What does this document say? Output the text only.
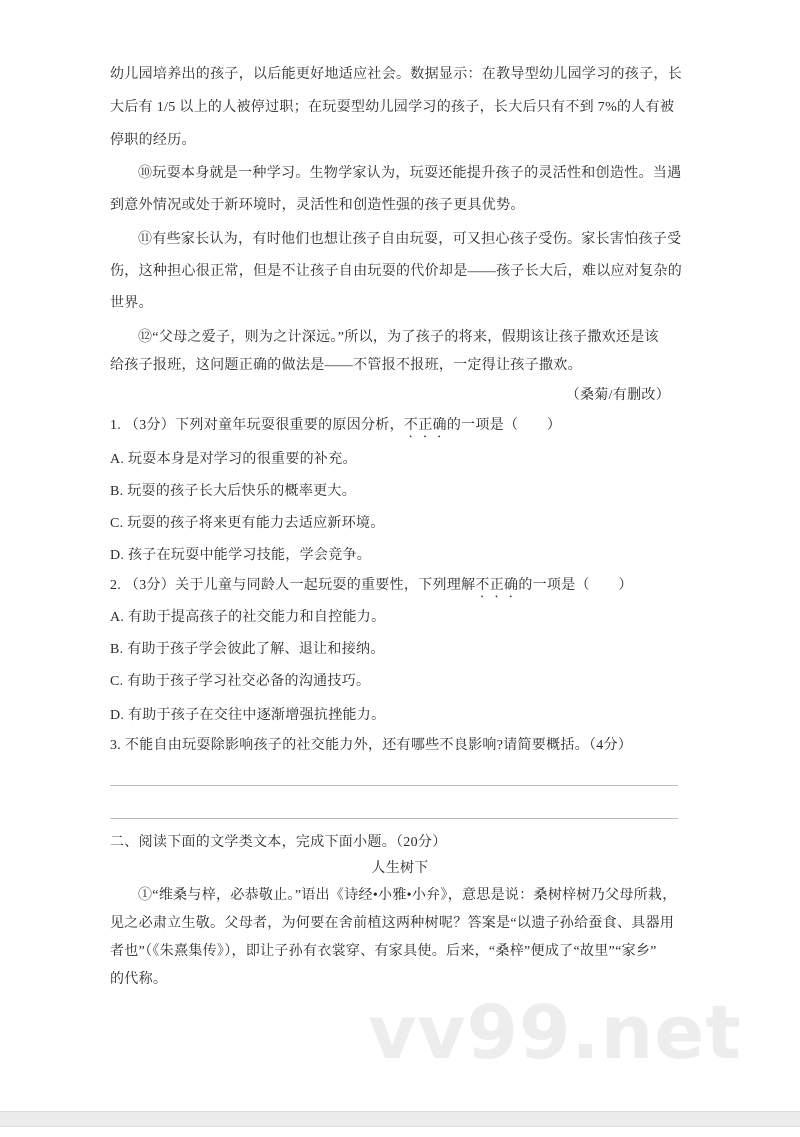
幼儿园培养出的孩子，以后能更好地适应社会。数据显示：在教导型幼儿园学习的孩子，长
大后有 1/5 以上的人被停过职；在玩耍型幼儿园学习的孩子，长大后只有不到 7%的人有被
停职的经历。
⑩玩耍本身就是一种学习。生物学家认为，玩耍还能提升孩子的灵活性和创造性。当遇
到意外情况或处于新环境时，灵活性和创造性强的孩子更具优势。
⑪有些家长认为，有时他们也想让孩子自由玩耍，可又担心孩子受伤。家长害怕孩子受
伤，这种担心很正常，但是不让孩子自由玩耍的代价却是——孩子长大后，难以应对复杂的
世界。
⑫“父母之爱子，则为之计深远。”所以，为了孩子的将来，假期该让孩子撒欢还是该
给孩子报班，这问题正确的做法是——不管报不报班，一定得让孩子撒欢。
（桑菊/有删改）
1. （3分）下列对童年玩耍很重要的原因分析，不正确的一项是（　　）
A. 玩耍本身是对学习的很重要的补充。
B. 玩耍的孩子长大后快乐的概率更大。
C. 玩耍的孩子将来更有能力去适应新环境。
D. 孩子在玩耍中能学习技能，学会竞争。
2. （3分）关于儿童与同龄人一起玩耍的重要性，下列理解不正确的一项是（　　）
A. 有助于提高孩子的社交能力和自控能力。
B. 有助于孩子学会彼此了解、退让和接纳。
C. 有助于孩子学习社交必备的沟通技巧。
D. 有助于孩子在交往中逐渐增强抗挫能力。
3. 不能自由玩耍除影响孩子的社交能力外，还有哪些不良影响?请简要概括。（4分）
二、阅读下面的文学类文本，完成下面小题。（20分）
人生树下
①“维桑与梓，必恭敬止。”语出《诗经•小雅•小弁》，意思是说：桑树梓树乃父母所栽，
见之必肃立生敬。父母者，为何要在舍前植这两种树呢？答案是“以遗子孙给蚕食、具器用
者也”（《朱熹集传》），即让子孙有衣裳穿、有家具使。后来，“桑梓”便成了“故里”“家乡”
的代称。
vv99.net
